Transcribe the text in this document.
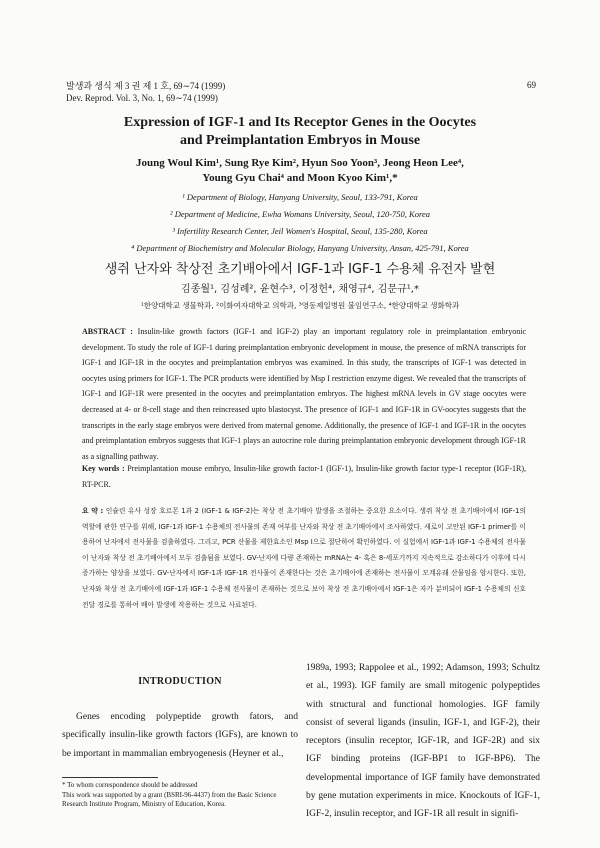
발생과 생식 제 3 권 제 1 호, 69∼74 (1999)
Dev. Reprod. Vol. 3, No. 1, 69∼74 (1999)
69
Expression of IGF-1 and Its Receptor Genes in the Oocytes
and Preimplantation Embryos in Mouse
Joung Woul Kim¹, Sung Rye Kim², Hyun Soo Yoon³, Jeong Heon Lee⁴,
Young Gyu Chai⁴ and Moon Kyoo Kim¹,*
¹ Department of Biology, Hanyang University, Seoul, 133-791, Korea
² Department of Medicine, Ewha Womans University, Seoul, 120-750, Korea
³ Infertility Research Center, Jeil Women's Hospital, Seoul, 135-280, Korea
⁴ Department of Biochemistry and Molecular Biology, Hanyang University, Ansan, 425-791, Korea
생쥐 난자와 착상전 초기배아에서 IGF-1과 IGF-1 수용체 유전자 발현
김종월¹, 김성례², 윤현수³, 이정헌⁴, 채영규⁴, 김문규¹,*
¹한양대학교 생물학과, ²이화여자대학교 의학과, ³영동제일병원 불임연구소, ⁴한양대학교 생화학과
ABSTRACT : Insulin-like growth factors (IGF-1 and IGF-2) play an important regulatory role in preimplantation embryonic development. To study the role of IGF-1 during preimplantation embryonic development in mouse, the presence of mRNA transcripts for IGF-1 and IGF-1R in the oocytes and preimplantation embryos was examined. In this study, the transcripts of IGF-1 was detected in oocytes using primers for IGF-1. The PCR products were identified by Msp I restriction enzyme digest. We revealed that the transcripts of IGF-1 and IGF-1R were presented in the oocytes and preimplantation embryos. The highest mRNA levels in GV stage oocytes were decreased at 4- or 8-cell stage and then reincreased upto blastocyst. The presence of IGF-1 and IGF-1R in GV-oocytes suggests that the transcripts in the early stage embryos were derived from maternal genome. Additionally, the presence of IGF-1 and IGF-1R in the oocytes and preimplantation embryos suggests that IGF-1 plays an autocrine role during preimplantation embryonic development through IGF-1R as a signalling pathway.
Key words : Preimplantation mouse embryo, Insulin-like growth factor-1 (IGF-1), Insulin-like growth factor type-1 receptor (IGF-1R), RT-PCR.
요 약 : 인슐린 유사 성장 호르몬 1과 2 (IGF-1 & IGF-2)는 착상 전 초기배아 발생을 조절하는 중요한 요소이다. 생쥐 착상 전 초기배아에서 IGF-1의 역할에 관한 연구를 위해, IGF-1과 IGF-1 수용체의 전사물의 존재 여부를 난자와 착상 전 초기배아에서 조사하였다. 새로이 고안된 IGF-1 primer를 이용하여 난자에서 전사물을 검출하였다. 그리고, PCR 산물을 제한효소인 Msp I으로 절단하여 확인하였다. 이 실험에서 IGF-1과 IGF-1 수용체의 전사물이 난자와 착상 전 초기배아에서 모두 검출됨을 보였다. GV-난자에 다량 존재하는 mRNA는 4- 혹은 8-세포기까지 지속적으로 감소하다가 이후에 다시 증가하는 양상을 보였다. GV-난자에서 IGF-1과 IGF-1R 전사물이 존재한다는 것은 초기배아에 존재하는 전사물이 모계유래 산물임을 암시한다. 또한, 난자와 착상 전 초기배아에 IGF-1과 IGF-1 수용체 전사물이 존재하는 것으로 보아 착상 전 초기배아에서 IGF-1은 자가 분비되어 IGF-1 수용체의 신호전달 경로를 통하여 배아 발생에 작용하는 것으로 사료된다.
INTRODUCTION
Genes encoding polypeptide growth fators, and specifically insulin-like growth factors (IGFs), are known to be important in mammalian embryogenesis (Heyner et al.,
1989a, 1993; Rappolee et al., 1992; Adamson, 1993; Schultz et al., 1993). IGF family are small mitogenic polypeptides with structural and functional homologies. IGF family consist of several ligands (insulin, IGF-1, and IGF-2), their receptors (insulin receptor, IGF-1R, and IGF-2R) and six IGF binding proteins (IGF-BP1 to IGF-BP6). The developmental importance of IGF family have demonstrated by gene mutation experiments in mice. Knockouts of IGF-1, IGF-2, insulin receptor, and IGF-1R all result in signifi-

* To whom correspondence should be addressed

This work was supported by a grant (BSRI-96-4437) from the Basic Science Research Institute Program, Ministry of Education, Korea.
